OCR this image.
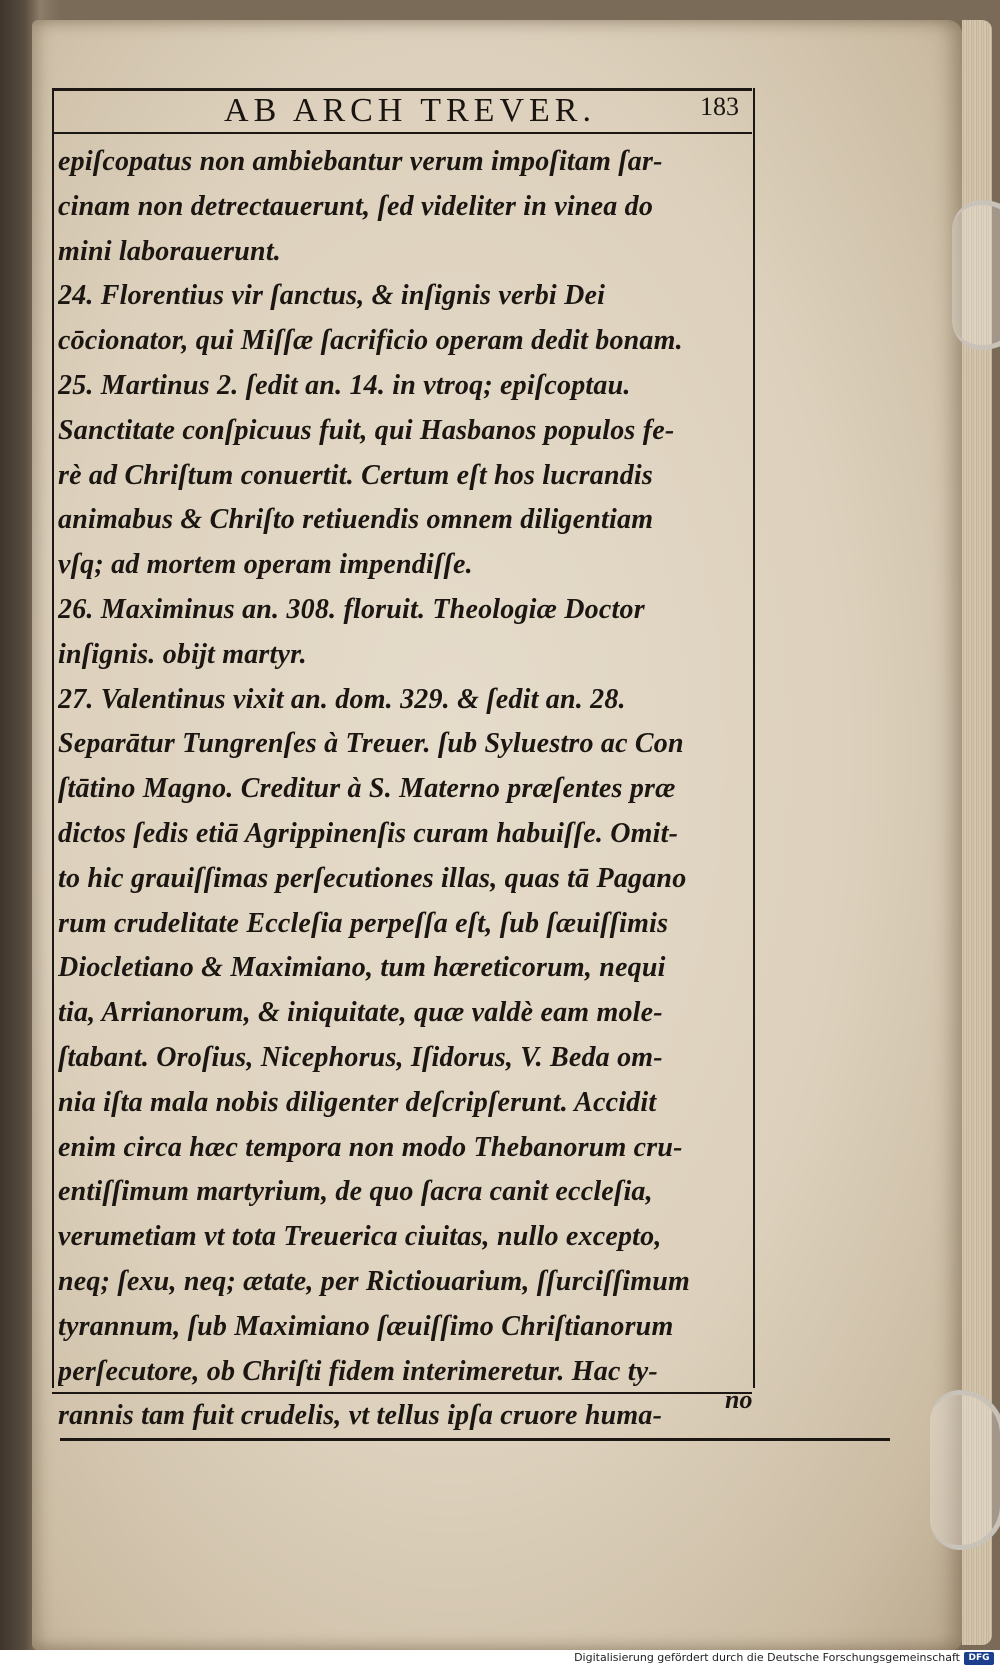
AB ARCH TREVER.	183
epiſcopatus non ambiebantur verum impoſitam ſar-
cinam non detrectauerunt, ſed videliter in vinea do
mini laborauerunt.
24. Florentius vir ſanctus, & inſignis verbi Dei
cōcionator, qui Miſſæ ſacrificio operam dedit bonam.
25. Martinus 2. ſedit an. 14. in vtroq; epiſcoptau.
Sanctitate conſpicuus fuit, qui Hasbanos populos fe-
rè ad Chriſtum conuertit. Certum eſt hos lucrandis
animabus & Chriſto retiuendis omnem diligentiam
vſq; ad mortem operam impendiſſe.
26. Maximinus an. 308. floruit. Theologiæ Doctor
inſignis. obijt martyr.
27. Valentinus vixit an. dom. 329. & ſedit an. 28.
Separātur Tungrenſes à Treuer. ſub Syluestro ac Con
ſtātino Magno. Creditur à S. Materno præſentes præ
dictos ſedis etiā Agrippinenſis curam habuiſſe. Omit-
to hic grauiſſimas perſecutiones illas, quas tā Pagano
rum crudelitate Eccleſia perpeſſa eſt, ſub ſæuiſſimis
Diocletiano & Maximiano, tum hæreticorum, nequi
tia, Arrianorum, & iniquitate, quæ valdè eam mole-
ſtabant. Oroſius, Nicephorus, Iſidorus, V. Beda om-
nia iſta mala nobis diligenter deſcripſerunt. Accidit
enim circa hæc tempora non modo Thebanorum cru-
entiſſimum martyrium, de quo ſacra canit eccleſia,
verumetiam vt tota Treuerica ciuitas, nullo excepto,
neq; ſexu, neq; ætate, per Rictiouarium, ſſurciſſimum
tyrannum, ſub Maximiano ſæuiſſimo Chriſtianorum
perſecutore, ob Chriſti fidem interimeretur. Hac ty-
rannis tam fuit crudelis, vt tellus ipſa cruore huma-
no
Digitalisierung gefördert durch die Deutsche Forschungsgemeinschaft DFG
